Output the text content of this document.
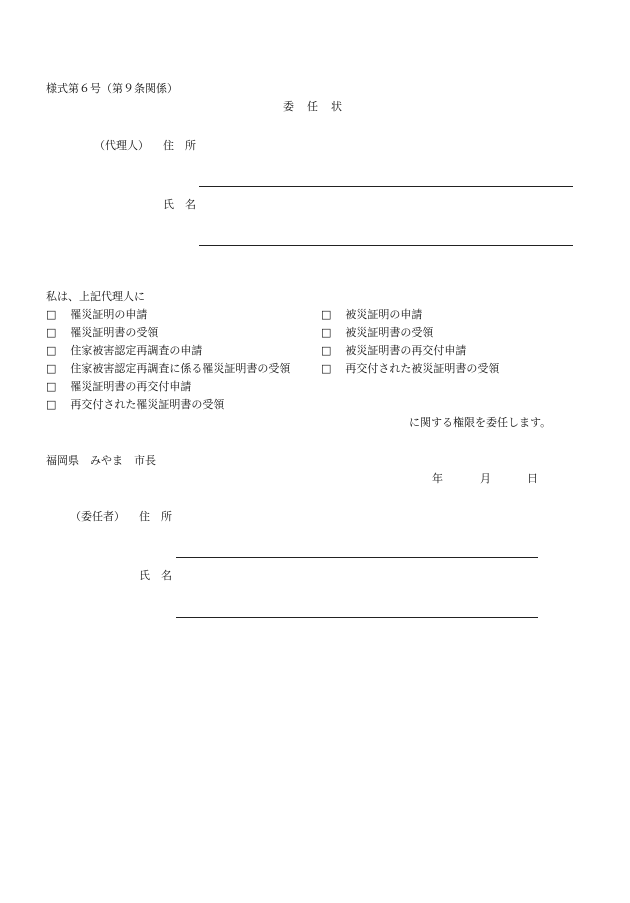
様式第６号（第９条関係）
委　任　状
（代理人） 住　所
氏　名
私は、上記代理人に
□ 罹災証明の申請
□ 罹災証明書の受領
□ 住家被害認定再調査の申請
□ 住家被害認定再調査に係る罹災証明書の受領
□ 罹災証明書の再交付申請
□ 再交付された罹災証明書の受領
□ 被災証明の申請
□ 被災証明書の受領
□ 被災証明書の再交付申請
□ 再交付された被災証明書の受領
に関する権限を委任します。
福岡県　みやま　市長
年	月	日
（委任者） 住　所
氏　名
